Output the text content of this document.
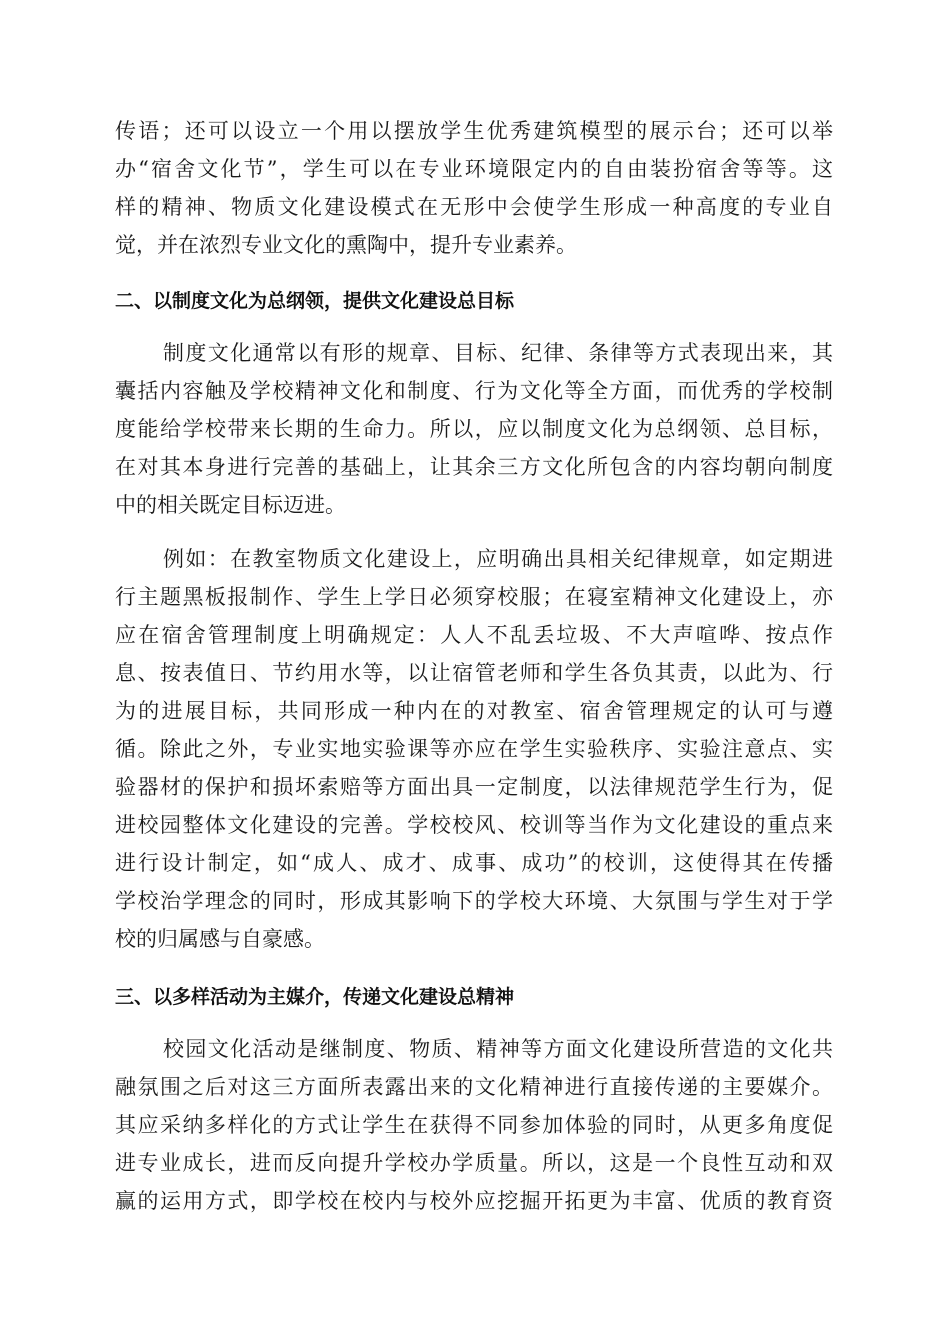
传语；还可以设立一个用以摆放学生优秀建筑模型的展示台；还可以举

办“宿舍文化节”，学生可以在专业环境限定内的自由装扮宿舍等等。这

样的精神、物质文化建设模式在无形中会使学生形成一种高度的专业自

觉，并在浓烈专业文化的熏陶中，提升专业素养。

二、以制度文化为总纲领，提供文化建设总目标

制度文化通常以有形的规章、目标、纪律、条律等方式表现出来，其

囊括内容触及学校精神文化和制度、行为文化等全方面，而优秀的学校制

度能给学校带来长期的生命力。所以，应以制度文化为总纲领、总目标，

在对其本身进行完善的基础上，让其余三方文化所包含的内容均朝向制度

中的相关既定目标迈进。

例如：在教室物质文化建设上，应明确出具相关纪律规章，如定期进

行主题黑板报制作、学生上学日必须穿校服；在寝室精神文化建设上，亦

应在宿舍管理制度上明确规定：人人不乱丢垃圾、不大声喧哗、按点作

息、按表值日、节约用水等，以让宿管老师和学生各负其责，以此为、行

为的进展目标，共同形成一种内在的对教室、宿舍管理规定的认可与遵

循。除此之外，专业实地实验课等亦应在学生实验秩序、实验注意点、实

验器材的保护和损坏索赔等方面出具一定制度，以法律规范学生行为，促

进校园整体文化建设的完善。学校校风、校训等当作为文化建设的重点来

进行设计制定，如“成人、成才、成事、成功”的校训，这使得其在传播

学校治学理念的同时，形成其影响下的学校大环境、大氛围与学生对于学

校的归属感与自豪感。

三、以多样活动为主媒介，传递文化建设总精神

校园文化活动是继制度、物质、精神等方面文化建设所营造的文化共

融氛围之后对这三方面所表露出来的文化精神进行直接传递的主要媒介。

其应采纳多样化的方式让学生在获得不同参加体验的同时，从更多角度促

进专业成长，进而反向提升学校办学质量。所以，这是一个良性互动和双

赢的运用方式，即学校在校内与校外应挖掘开拓更为丰富、优质的教育资
